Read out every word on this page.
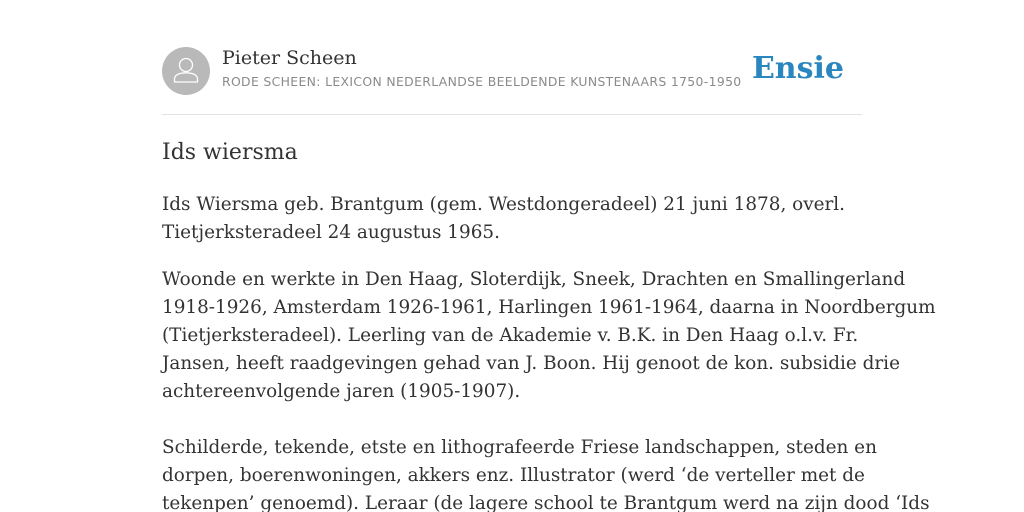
Pieter Scheen
RODE SCHEEN: LEXICON NEDERLANDSE BEELDENDE KUNSTENAARS 1750-1950 Ensie
Ids wiersma

Ids Wiersma geb. Brantgum (gem. Westdongeradeel) 21 juni 1878, overl.
Tietjerksteradeel 24 augustus 1965.

Woonde en werkte in Den Haag, Sloterdijk, Sneek, Drachten en Smallingerland
1918-1926, Amsterdam 1926-1961, Harlingen 1961-1964, daarna in Noordbergum
(Tietjerksteradeel). Leerling van de Akademie v. B.K. in Den Haag o.l.v. Fr.
Jansen, heeft raadgevingen gehad van J. Boon. Hij genoot de kon. subsidie drie
achtereenvolgende jaren (1905-1907).

Schilderde, tekende, etste en lithografeerde Friese landschappen, steden en
dorpen, boerenwoningen, akkers enz. Illustrator (werd ‘de verteller met de
tekenpen’ genoemd). Leraar (de lagere school te Brantgum werd na zijn dood ‘Ids
